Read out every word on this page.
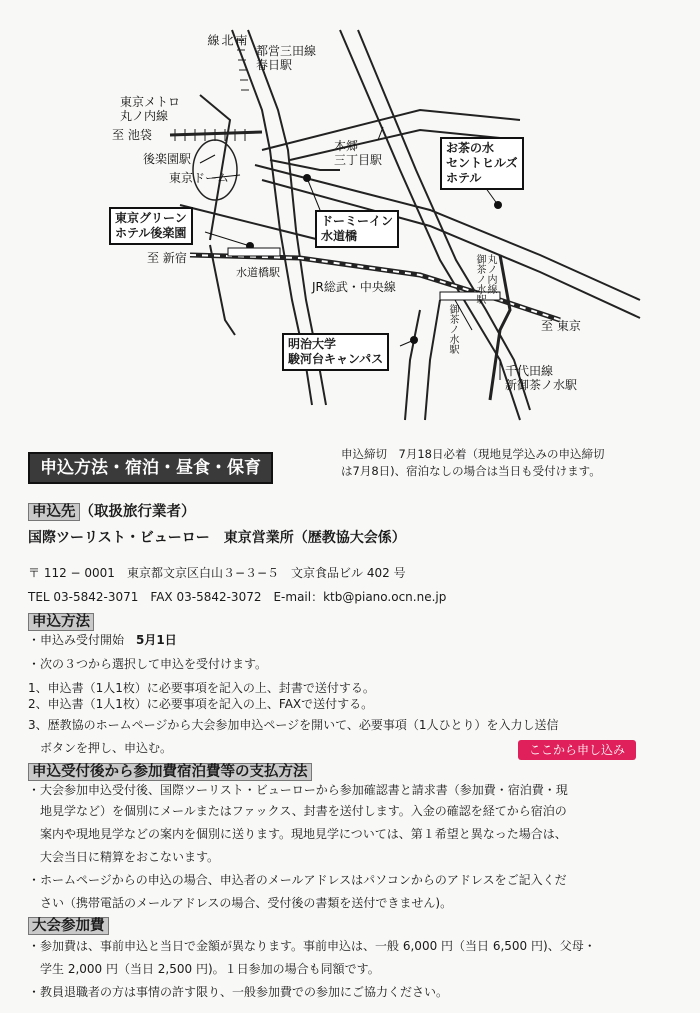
南
北
線
都営三田線
春日駅
東京メトロ
丸ノ内線
至 池袋
後楽園駅
東京ドーム
本郷
三丁目駅
至 新宿
水道橋駅
JR総武・中央線	丸ノ内線
御茶ノ水駅
御茶ノ水駅	至 東京
千代田線
新御茶ノ水駅
東京グリーン
ホテル後楽園
ドーミーイン
水道橋
お茶の水
セントヒルズ
ホテル
明治大学
駿河台キャンパス
申込方法・宿泊・昼食・保育
申込締切　7月18日必着（現地見学込みの申込締切
は7月8日)、宿泊なしの場合は当日も受付けます。
申込先 （取扱旅行業者）
国際ツーリスト・ビューロー　東京営業所（歴教協大会係）
〒 112 − 0001　東京都文京区白山３−３−５　文京食品ビル 402 号
TEL 03-5842-3071　FAX 03-5842-3072　E-mail：ktb@piano.ocn.ne.jp
申込方法
・申込み受付開始　 5月1日
・次の３つから選択して申込を受付けます。
1、申込書（1人1枚）に必要事項を記入の上、封書で送付する。
2、申込書（1人1枚）に必要事項を記入の上、FAXで送付する。
3、歴教協のホームページから大会参加申込ページを開いて、必要事項（1人ひとり）を入力し送信
　ボタンを押し、申込む。	ここから申し込み
申込受付後から参加費宿泊費等の支払方法
・大会参加申込受付後、国際ツーリスト・ビューローから参加確認書と請求書（参加費・宿泊費・現
　地見学など）を個別にメールまたはファックス、封書を送付します。入金の確認を経てから宿泊の
　案内や現地見学などの案内を個別に送ります。現地見学については、第１希望と異なった場合は、
　大会当日に精算をおこないます。
・ホームページからの申込の場合、申込者のメールアドレスはパソコンからのアドレスをご記入くだ
　さい（携帯電話のメールアドレスの場合、受付後の書類を送付できません)。
大会参加費
・参加費は、事前申込と当日で金額が異なります。事前申込は、一般 6,000 円（当日 6,500 円)、父母・
　学生 2,000 円（当日 2,500 円)。１日参加の場合も同額です。
・教員退職者の方は事情の許す限り、一般参加費での参加にご協力ください。
